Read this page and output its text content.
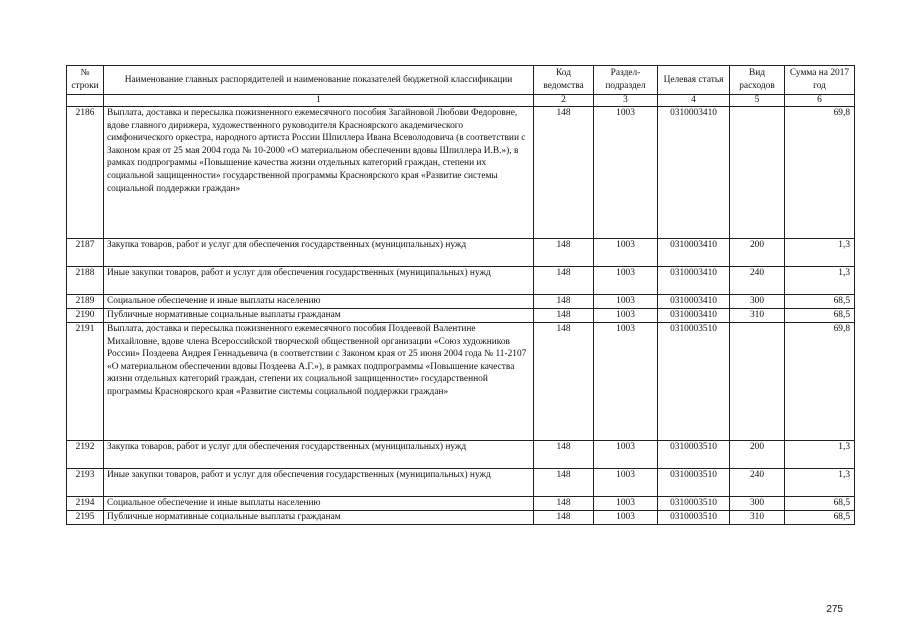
№ строки	Наименование главных распорядителей и наименование показателей бюджетной классификации	Код ведомства	Раздел-подраздел	Целевая статья	Вид расходов	Сумма на 2017 год
	1	2	3	4	5	6
2186	Выплата, доставка и пересылка пожизненного ежемесячного пособия Загайновой Любови Федоровне, вдове главного дирижера, художественного руководителя Красноярского академического симфонического оркестра, народного артиста России Шпиллера Ивана Всеволодовича (в соответствии с Законом края от 25 мая 2004 года № 10-2000 «О материальном обеспечении вдовы Шпиллера И.В.»), в рамках подпрограммы «Повышение качества жизни отдельных категорий граждан, степени их социальной защищенности» государственной программы Красноярского края «Развитие системы социальной поддержки граждан»	148	1003	0310003410		69,8
2187	Закупка товаров, работ и услуг для обеспечения государственных (муниципальных) нужд	148	1003	0310003410	200	1,3
2188	Иные закупки товаров, работ и услуг для обеспечения государственных (муниципальных) нужд	148	1003	0310003410	240	1,3
2189	Социальное обеспечение и иные выплаты населению	148	1003	0310003410	300	68,5
2190	Публичные нормативные социальные выплаты гражданам	148	1003	0310003410	310	68,5
2191	Выплата, доставка и пересылка пожизненного ежемесячного пособия Поздеевой Валентине Михайловне, вдове члена Всероссийской творческой общественной организации «Союз художников России» Поздеева Андрея Геннадьевича (в соответствии с Законом края от 25 июня 2004 года № 11-2107 «О материальном обеспечении вдовы Поздеева А.Г.»), в рамках подпрограммы «Повышение качества жизни отдельных категорий граждан, степени их социальной защищенности» государственной программы Красноярского края «Развитие системы социальной поддержки граждан»	148	1003	0310003510		69,8
2192	Закупка товаров, работ и услуг для обеспечения государственных (муниципальных) нужд	148	1003	0310003510	200	1,3
2193	Иные закупки товаров, работ и услуг для обеспечения государственных (муниципальных) нужд	148	1003	0310003510	240	1,3
2194	Социальное обеспечение и иные выплаты населению	148	1003	0310003510	300	68,5
2195	Публичные нормативные социальные выплаты гражданам	148	1003	0310003510	310	68,5
275
